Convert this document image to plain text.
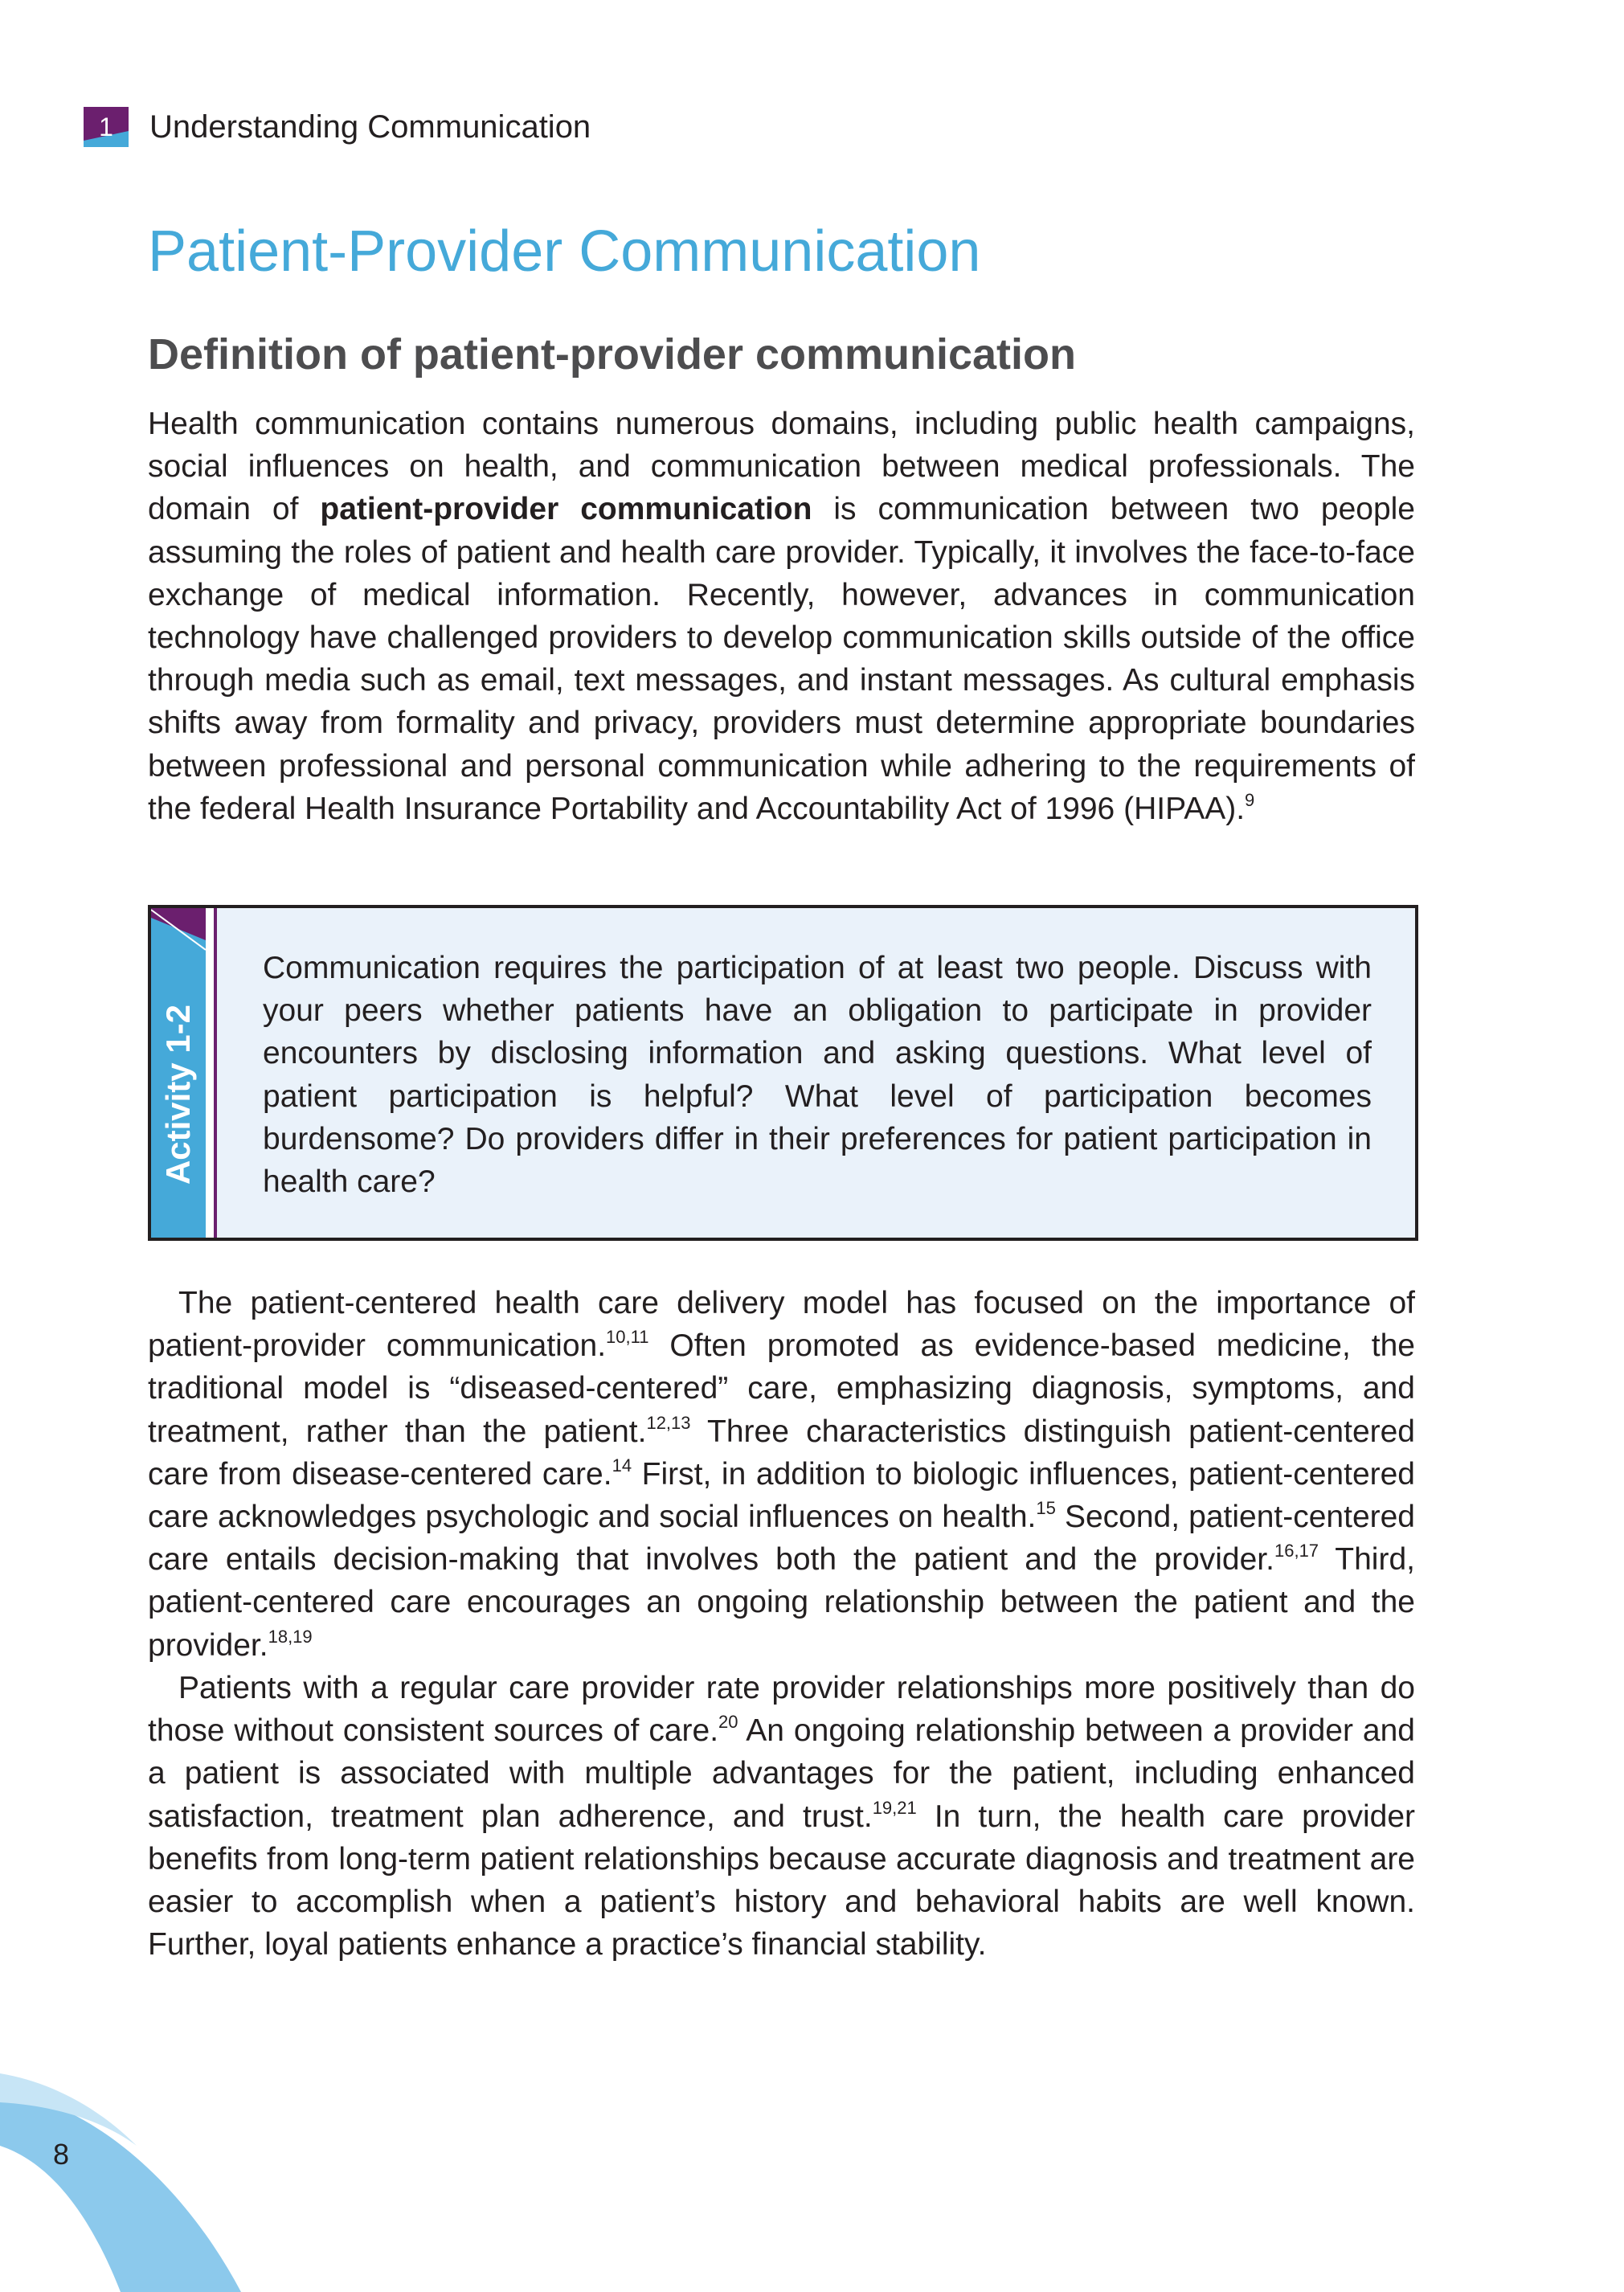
1	Understanding Communication
Patient-Provider Communication
Definition of patient-provider communication

Health communication contains numerous domains, including public health campaigns, social influences on health, and communication between medical professionals. The domain of patient-provider communication is communication between two people assuming the roles of patient and health care provider. Typically, it involves the face-to-face exchange of medical information. Recently, however, advances in communication technology have challenged providers to develop communication skills outside of the office through media such as email, text messages, and instant messages. As cultural emphasis shifts away from formality and privacy, providers must determine appropriate boundaries between professional and personal communication while adhering to the requirements of the federal Health Insurance Portability and Accountability Act of 1996 (HIPAA).$^9$

Activity 1-2

Communication requires the participation of at least two people. Discuss with your peers whether patients have an obligation to participate in provider encounters by disclosing information and asking questions. What level of patient participation is helpful? What level of participation becomes burdensome? Do providers differ in their preferences for patient participation in health care?

The patient-centered health care delivery model has focused on the importance of patient-provider communication.$^{10,11}$ Often promoted as evidence-based medicine, the traditional model is “diseased-centered” care, emphasizing diagnosis, symptoms, and treatment, rather than the patient.$^{12,13}$ Three characteristics distinguish patient-centered care from disease-centered care.$^{14}$ First, in addition to biologic influences, patient-centered care acknowledges psychologic and social influences on health.$^{15}$ Second, patient-centered care entails decision-making that involves both the patient and the provider.$^{16,17}$ Third, patient-centered care encourages an ongoing relationship between the patient and the provider.$^{18,19}$

Patients with a regular care provider rate provider relationships more positively than do those without consistent sources of care.$^{20}$ An ongoing relationship between a provider and a patient is associated with multiple advantages for the patient, including enhanced satisfaction, treatment plan adherence, and trust.$^{19,21}$ In turn, the health care provider benefits from long-term patient relationships because accurate diagnosis and treatment are easier to accomplish when a patient’s history and behavioral habits are well known. Further, loyal patients enhance a practice’s financial stability.

8
